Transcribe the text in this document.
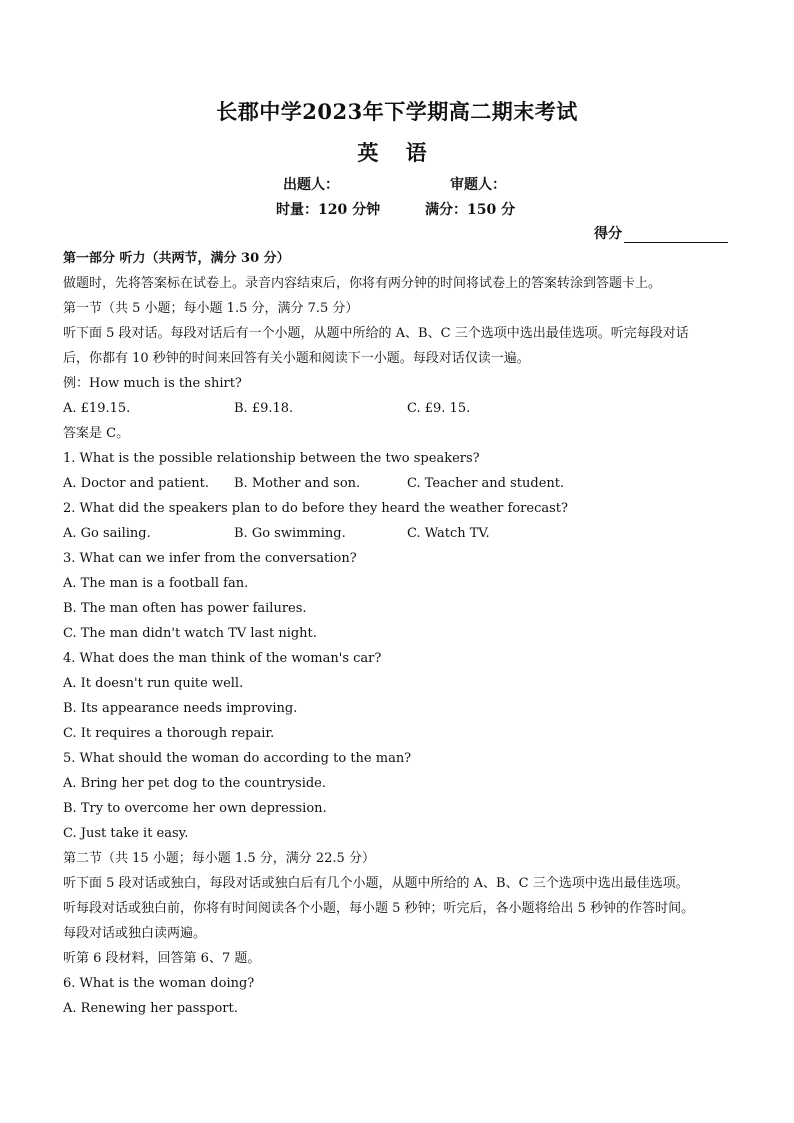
长郡中学2023年下学期高二期末考试
英 语
出题人：	审题人：
时量：120 分钟	满分：150 分
得分
第一部分 听力（共两节，满分 30 分）
做题时，先将答案标在试卷上。录音内容结束后，你将有两分钟的时间将试卷上的答案转涂到答题卡上。
第一节（共 5 小题；每小题 1.5 分，满分 7.5 分）
听下面 5 段对话。每段对话后有一个小题，从题中所给的 A、B、C 三个选项中选出最佳选项。听完每段对话
后，你都有 10 秒钟的时间来回答有关小题和阅读下一小题。每段对话仅读一遍。
例：How much is the shirt?
A. £19.15.	B. £9.18.	C. £9. 15.
答案是 C。
1. What is the possible relationship between the two speakers?
A. Doctor and patient. B. Mother and son.	C. Teacher and student.
2. What did the speakers plan to do before they heard the weather forecast?
A. Go sailing.	B. Go swimming.	C. Watch TV.
3. What can we infer from the conversation?
A. The man is a football fan.
B. The man often has power failures.
C. The man didn't watch TV last night.
4. What does the man think of the woman's car?
A. It doesn't run quite well.
B. Its appearance needs improving.
C. It requires a thorough repair.
5. What should the woman do according to the man?
A. Bring her pet dog to the countryside.
B. Try to overcome her own depression.
C. Just take it easy.
第二节（共 15 小题；每小题 1.5 分，满分 22.5 分）
听下面 5 段对话或独白，每段对话或独白后有几个小题，从题中所给的 A、B、C 三个选项中选出最佳选项。
听每段对话或独白前，你将有时间阅读各个小题，每小题 5 秒钟；听完后，各小题将给出 5 秒钟的作答时间。
每段对话或独白读两遍。
听第 6 段材料，回答第 6、7 题。
6. What is the woman doing?
A. Renewing her passport.
